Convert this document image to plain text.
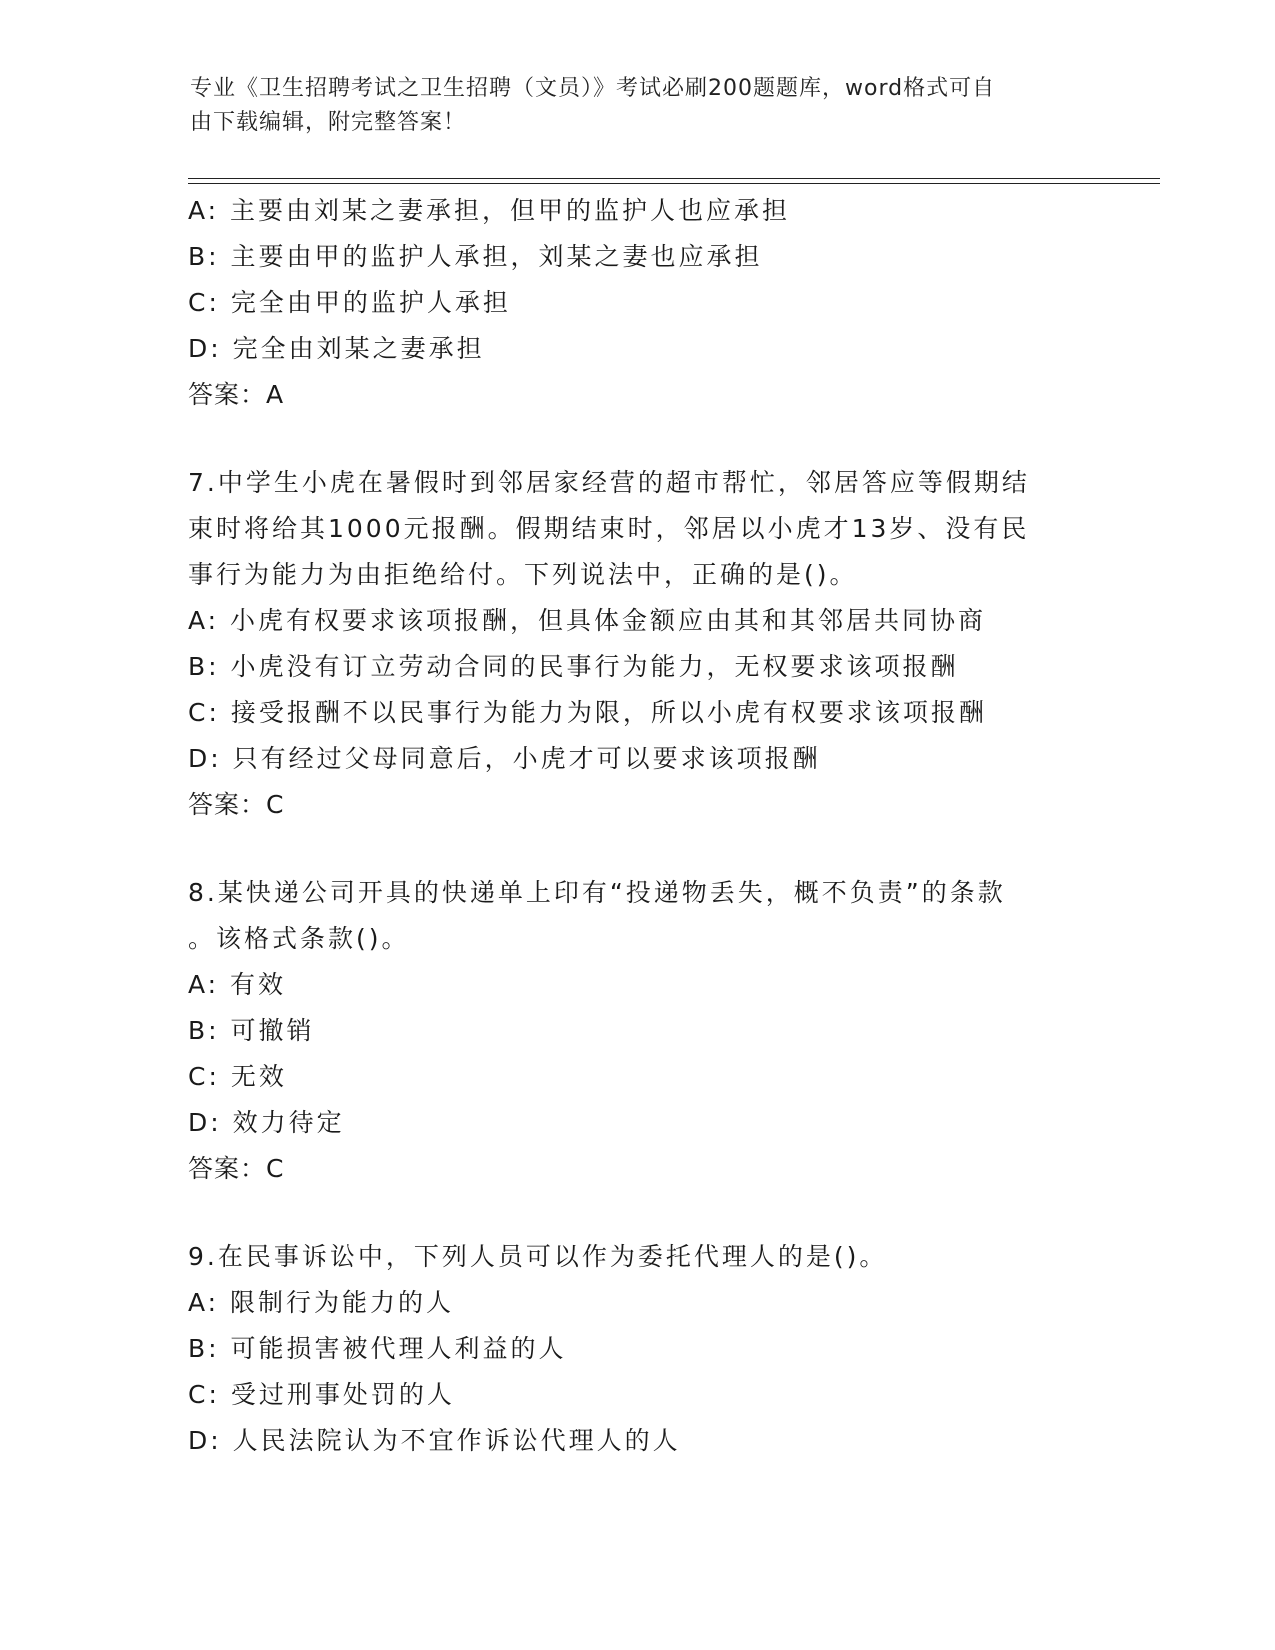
专业《卫生招聘考试之卫生招聘（文员）》考试必刷200题题库，word格式可自
由下载编辑，附完整答案！
A: 主要由刘某之妻承担，但甲的监护人也应承担
B: 主要由甲的监护人承担，刘某之妻也应承担
C: 完全由甲的监护人承担
D: 完全由刘某之妻承担
答案：A
7.中学生小虎在暑假时到邻居家经营的超市帮忙，邻居答应等假期结
束时将给其1000元报酬。假期结束时，邻居以小虎才13岁、没有民
事行为能力为由拒绝给付。下列说法中，正确的是()。
A: 小虎有权要求该项报酬，但具体金额应由其和其邻居共同协商
B: 小虎没有订立劳动合同的民事行为能力，无权要求该项报酬
C: 接受报酬不以民事行为能力为限，所以小虎有权要求该项报酬
D: 只有经过父母同意后，小虎才可以要求该项报酬
答案：C
8.某快递公司开具的快递单上印有“投递物丢失，概不负责”的条款
。该格式条款()。
A: 有效
B: 可撤销
C: 无效
D: 效力待定
答案：C
9.在民事诉讼中，下列人员可以作为委托代理人的是()。
A: 限制行为能力的人
B: 可能损害被代理人利益的人
C: 受过刑事处罚的人
D: 人民法院认为不宜作诉讼代理人的人
